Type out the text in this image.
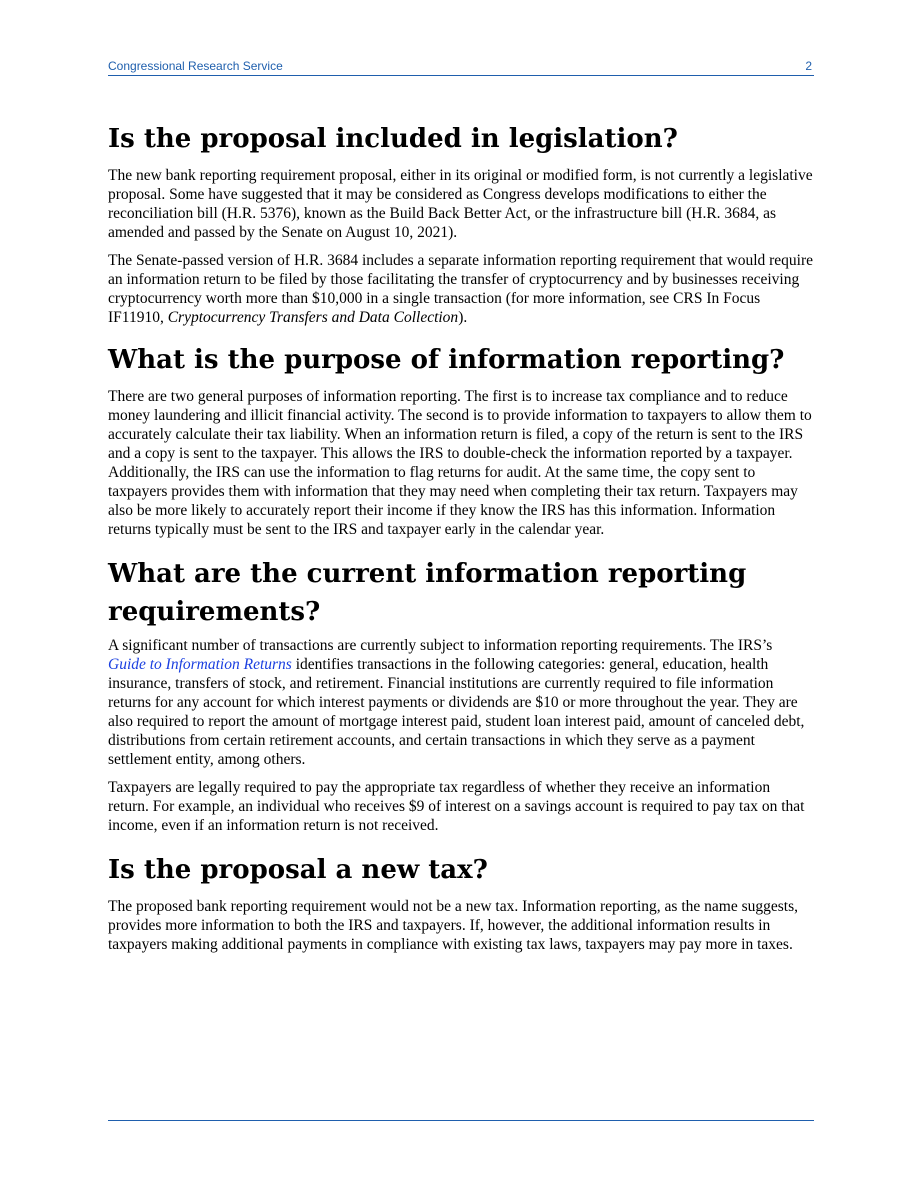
Congressional Research Service	2
Is the proposal included in legislation?

The new bank reporting requirement proposal, either in its original or modified form, is not currently a legislative proposal. Some have suggested that it may be considered as Congress develops modifications to either the reconciliation bill (H.R. 5376), known as the Build Back Better Act, or the infrastructure bill (H.R. 3684, as amended and passed by the Senate on August 10, 2021).

The Senate-passed version of H.R. 3684 includes a separate information reporting requirement that would require an information return to be filed by those facilitating the transfer of cryptocurrency and by businesses receiving cryptocurrency worth more than $10,000 in a single transaction (for more information, see CRS In Focus IF11910, Cryptocurrency Transfers and Data Collection).

What is the purpose of information reporting?

There are two general purposes of information reporting. The first is to increase tax compliance and to reduce money laundering and illicit financial activity. The second is to provide information to taxpayers to allow them to accurately calculate their tax liability. When an information return is filed, a copy of the return is sent to the IRS and a copy is sent to the taxpayer. This allows the IRS to double-check the information reported by a taxpayer. Additionally, the IRS can use the information to flag returns for audit. At the same time, the copy sent to taxpayers provides them with information that they may need when completing their tax return. Taxpayers may also be more likely to accurately report their income if they know the IRS has this information. Information returns typically must be sent to the IRS and taxpayer early in the calendar year.

What are the current information reporting requirements?

A significant number of transactions are currently subject to information reporting requirements. The IRS’s Guide to Information Returns identifies transactions in the following categories: general, education, health insurance, transfers of stock, and retirement. Financial institutions are currently required to file information returns for any account for which interest payments or dividends are $10 or more throughout the year. They are also required to report the amount of mortgage interest paid, student loan interest paid, amount of canceled debt, distributions from certain retirement accounts, and certain transactions in which they serve as a payment settlement entity, among others.

Taxpayers are legally required to pay the appropriate tax regardless of whether they receive an information return. For example, an individual who receives $9 of interest on a savings account is required to pay tax on that income, even if an information return is not received.

Is the proposal a new tax?

The proposed bank reporting requirement would not be a new tax. Information reporting, as the name suggests, provides more information to both the IRS and taxpayers. If, however, the additional information results in taxpayers making additional payments in compliance with existing tax laws, taxpayers may pay more in taxes.
